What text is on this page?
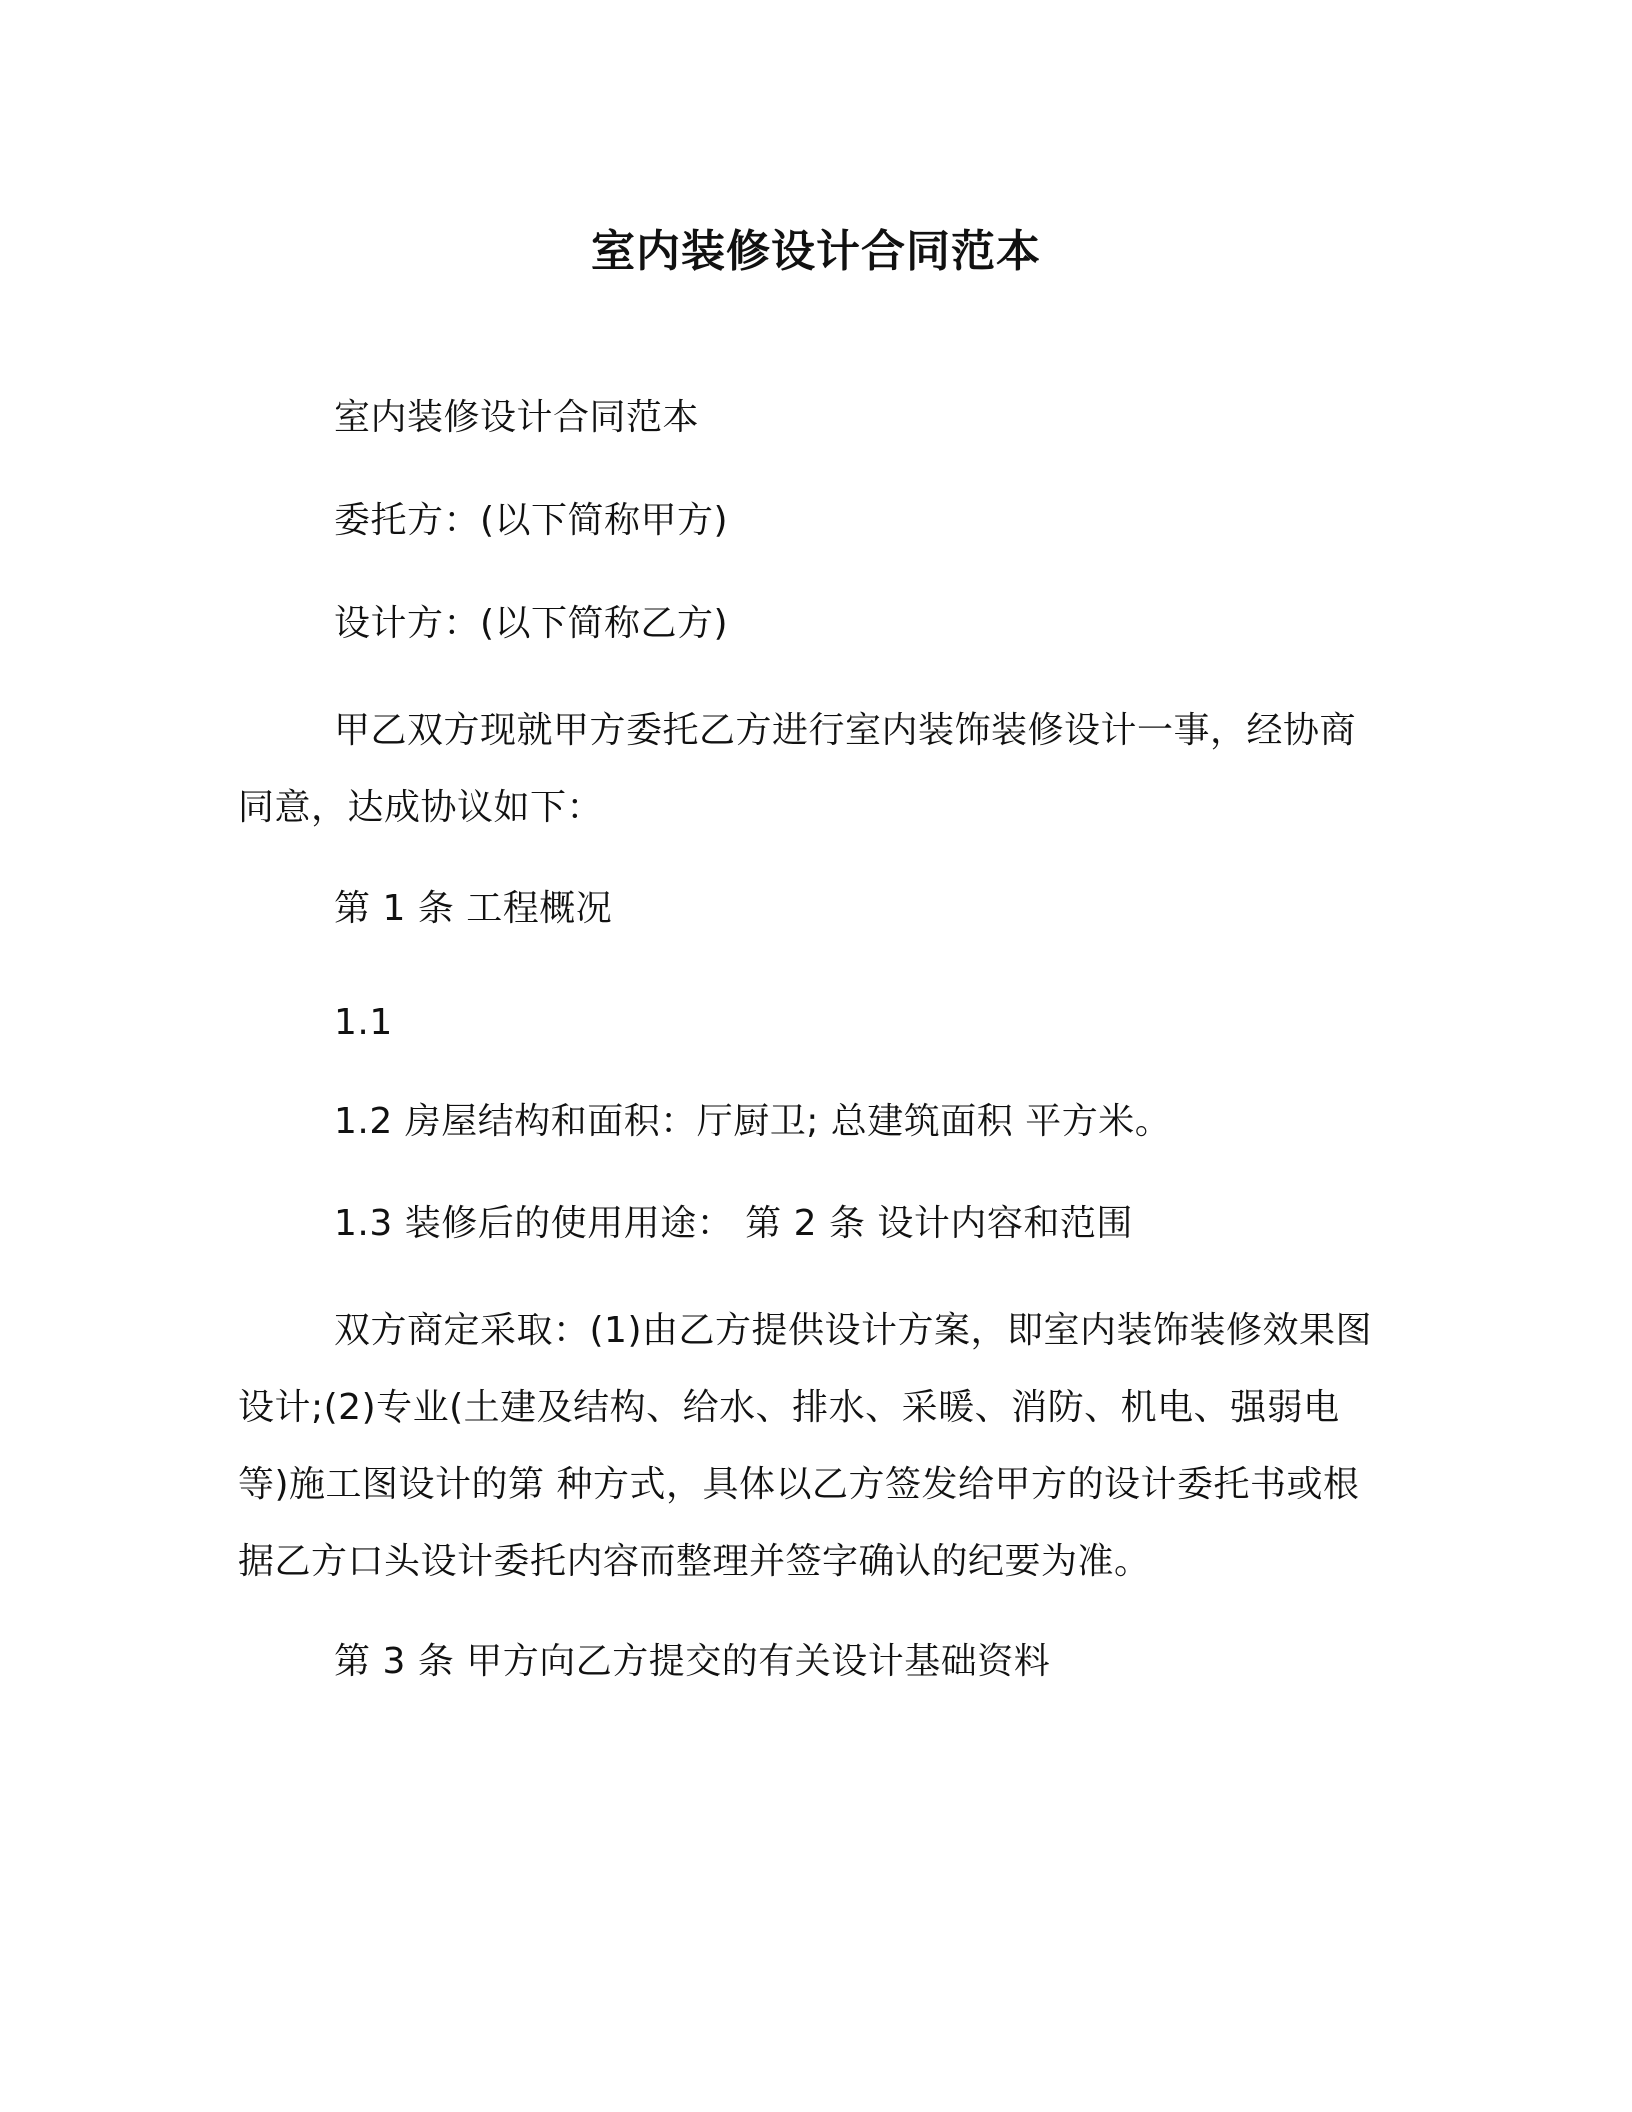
室内装修设计合同范本
室内装修设计合同范本
委托方：(以下简称甲方)
设计方：(以下简称乙方)
甲乙双方现就甲方委托乙方进行室内装饰装修设计一事，经协商同意，达成协议如下：
第 1 条 工程概况
1.1
1.2 房屋结构和面积：厅厨卫; 总建筑面积 平方米。
1.3 装修后的使用用途： 第 2 条 设计内容和范围
双方商定采取：(1)由乙方提供设计方案，即室内装饰装修效果图设计;(2)专业(土建及结构、给水、排水、采暖、消防、机电、强弱电等)施工图设计的第 种方式，具体以乙方签发给甲方的设计委托书或根据乙方口头设计委托内容而整理并签字确认的纪要为准。
第 3 条 甲方向乙方提交的有关设计基础资料
